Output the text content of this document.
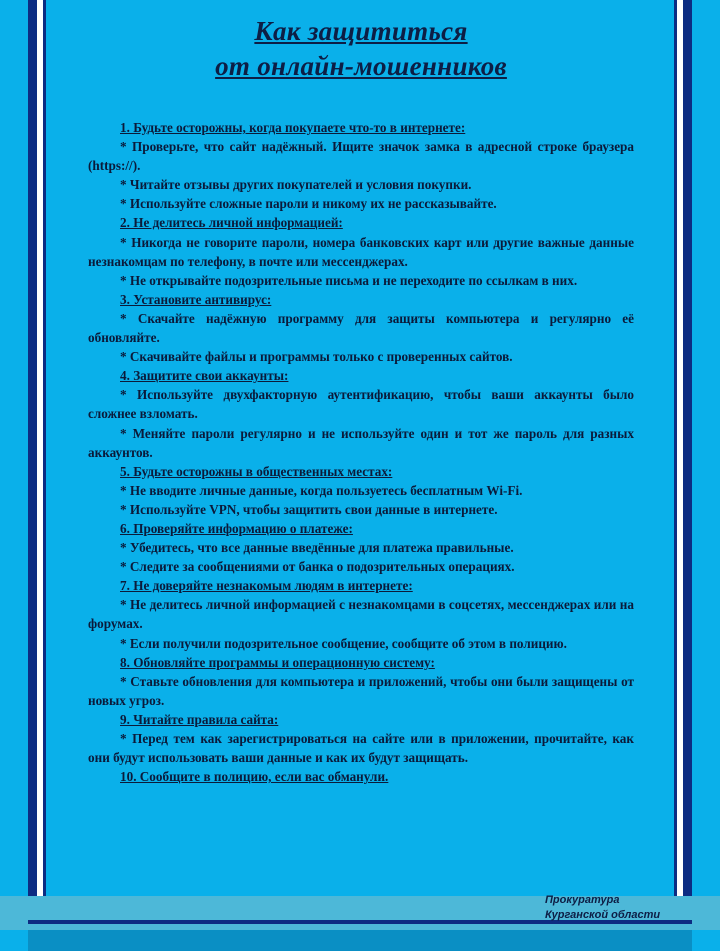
Как защититься
от онлайн-мошенников

1. Будьте осторожны, когда покупаете что-то в интернете:

* Проверьте, что сайт надёжный. Ищите значок замка в адресной строке браузера (https://).

* Читайте отзывы других покупателей и условия покупки.

* Используйте сложные пароли и никому их не рассказывайте.

2. Не делитесь личной информацией:

* Никогда не говорите пароли, номера банковских карт или другие важные данные незнакомцам по телефону, в почте или мессенджерах.

* Не открывайте подозрительные письма и не переходите по ссылкам в них.

3. Установите антивирус:

* Скачайте надёжную программу для защиты компьютера и регулярно её обновляйте.

* Скачивайте файлы и программы только с проверенных сайтов.

4. Защитите свои аккаунты:

* Используйте двухфакторную аутентификацию, чтобы ваши аккаунты было сложнее взломать.

* Меняйте пароли регулярно и не используйте один и тот же пароль для разных аккаунтов.

5. Будьте осторожны в общественных местах:

* Не вводите личные данные, когда пользуетесь бесплатным Wi-Fi.

* Используйте VPN, чтобы защитить свои данные в интернете.

6. Проверяйте информацию о платеже:

* Убедитесь, что все данные введённые для платежа правильные.

* Следите за сообщениями от банка о подозрительных операциях.

7. Не доверяйте незнакомым людям в интернете:

* Не делитесь личной информацией с незнакомцами в соцсетях, мессенджерах или на форумах.

* Если получили подозрительное сообщение, сообщите об этом в полицию.

8. Обновляйте программы и операционную систему:

* Ставьте обновления для компьютера и приложений, чтобы они были защищены от новых угроз.

9. Читайте правила сайта:

* Перед тем как зарегистрироваться на сайте или в приложении, прочитайте, как они будут использовать ваши данные и как их будут защищать.

10. Сообщите в полицию, если вас обманули.

Прокуратура
Курганской области
